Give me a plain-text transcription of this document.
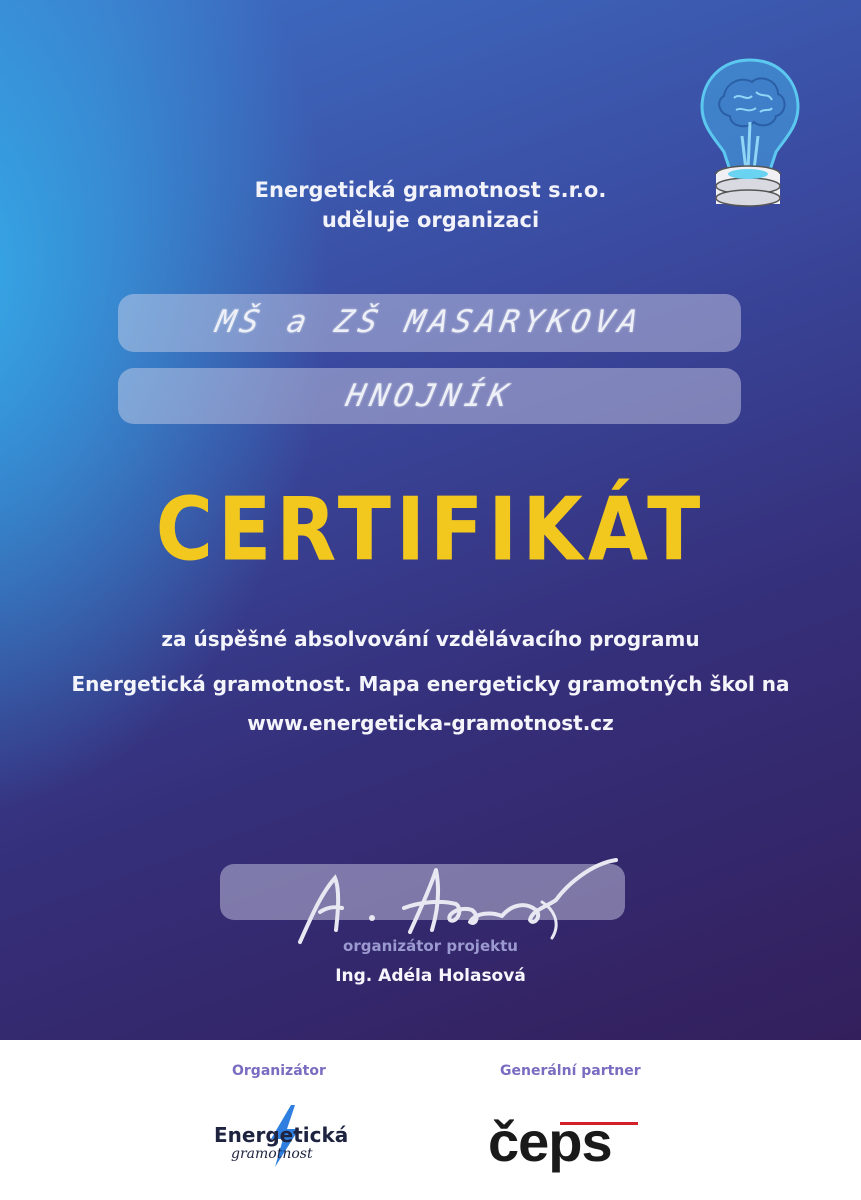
Energetická gramotnost s.r.o.
uděluje organizaci
MŠ a ZŠ MASARYKOVA
HNOJNÍK
CERTIFIKÁT
za úspěšné absolvování vzdělávacího programu
Energetická gramotnost. Mapa energeticky gramotných škol na
www.energeticka-gramotnost.cz
organizátor projektu
Ing. Adéla Holasová
Organizátor	Generální partner
Energetická
gramotnost	čeps
